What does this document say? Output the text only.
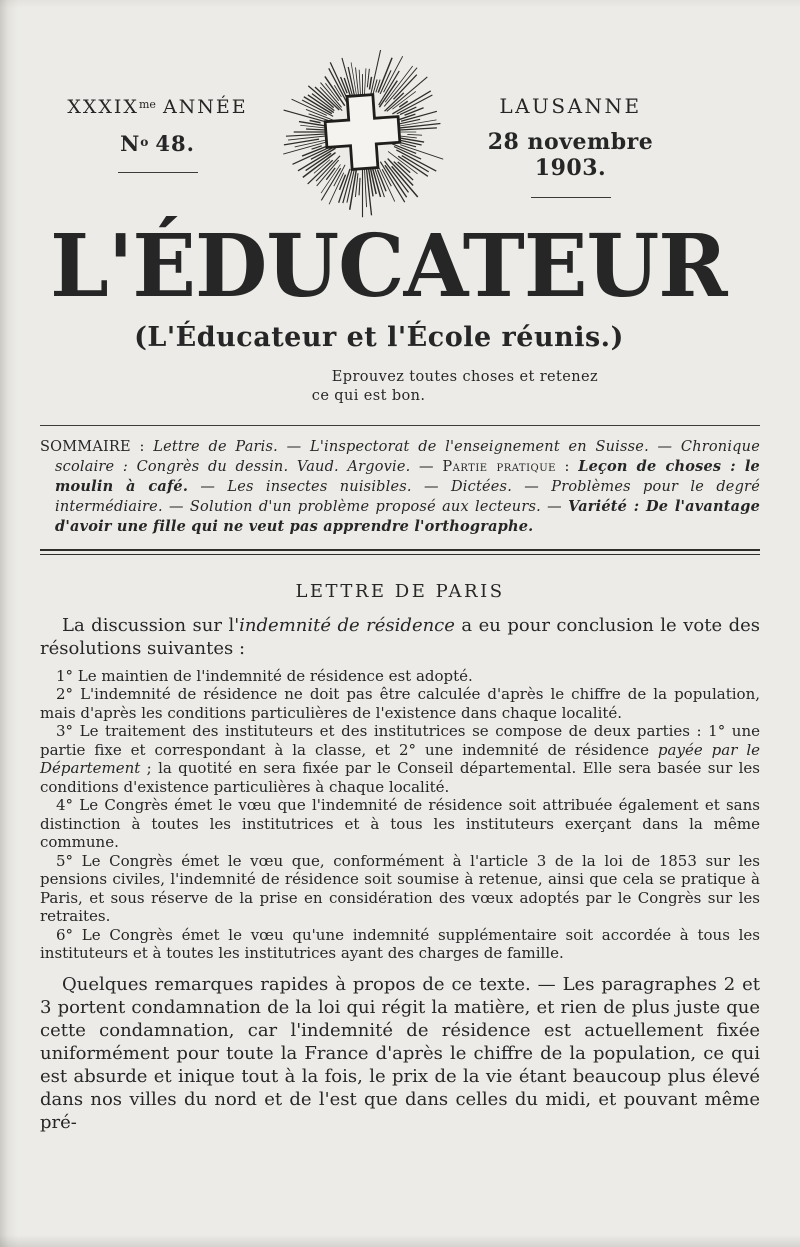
$XXXIX^{me}$ ANNÉE
$N^o$ 48.
LAUSANNE
28 novembre 1903.
L'ÉDUCATEUR
(L'Éducateur et l'École réunis.)
Eprouvez toutes choses et retenez
ce qui est bon.

SOMMAIRE : Lettre de Paris. — L'inspectorat de l'enseignement en Suisse. — Chronique scolaire : Congrès du dessin. Vaud. Argovie. — Partie pratique : Leçon de choses : le moulin à café. — Les insectes nuisibles. — Dictées. — Problèmes pour le degré intermédiaire. — Solution d'un problème proposé aux lecteurs. — Variété : De l'avantage d'avoir une fille qui ne veut pas apprendre l'orthographe.

LETTRE DE PARIS

La discussion sur l'indemnité de résidence a eu pour conclusion le vote des résolutions suivantes :

1° Le maintien de l'indemnité de résidence est adopté.

2° L'indemnité de résidence ne doit pas être calculée d'après le chiffre de la population, mais d'après les conditions particulières de l'existence dans chaque localité.

3° Le traitement des instituteurs et des institutrices se compose de deux parties : 1° une partie fixe et correspondant à la classe, et 2° une indemnité de résidence payée par le Département ; la quotité en sera fixée par le Conseil départemental. Elle sera basée sur les conditions d'existence particulières à chaque localité.

4° Le Congrès émet le vœu que l'indemnité de résidence soit attribuée également et sans distinction à toutes les institutrices et à tous les instituteurs exerçant dans la même commune.

5° Le Congrès émet le vœu que, conformément à l'article 3 de la loi de 1853 sur les pensions civiles, l'indemnité de résidence soit soumise à retenue, ainsi que cela se pratique à Paris, et sous réserve de la prise en considération des vœux adoptés par le Congrès sur les retraites.

6° Le Congrès émet le vœu qu'une indemnité supplémentaire soit accordée à tous les instituteurs et à toutes les institutrices ayant des charges de famille.

Quelques remarques rapides à propos de ce texte. — Les paragraphes 2 et 3 portent condamnation de la loi qui régit la matière, et rien de plus juste que cette condamnation, car l'indemnité de résidence est actuellement fixée uniformément pour toute la France d'après le chiffre de la population, ce qui est absurde et inique tout à la fois, le prix de la vie étant beaucoup plus élevé dans nos villes du nord et de l'est que dans celles du midi, et pouvant même pré-
